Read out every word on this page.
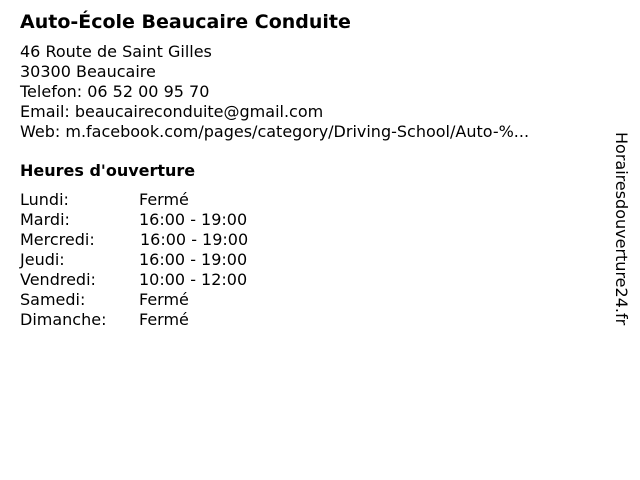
Auto-École Beaucaire Conduite
46 Route de Saint Gilles
30300 Beaucaire
Telefon: 06 52 00 95 70
Email: beaucaireconduite@gmail.com
Web: m.facebook.com/pages/category/Driving-School/Auto-%...
Heures d'ouverture
Lundi:	Fermé
Mardi:	16:00 - 19:00
Mercredi:	16:00 - 19:00
Jeudi:	16:00 - 19:00
Vendredi:	10:00 - 12:00
Samedi:	Fermé
Dimanche: Fermé	Horairesdouverture24.fr
